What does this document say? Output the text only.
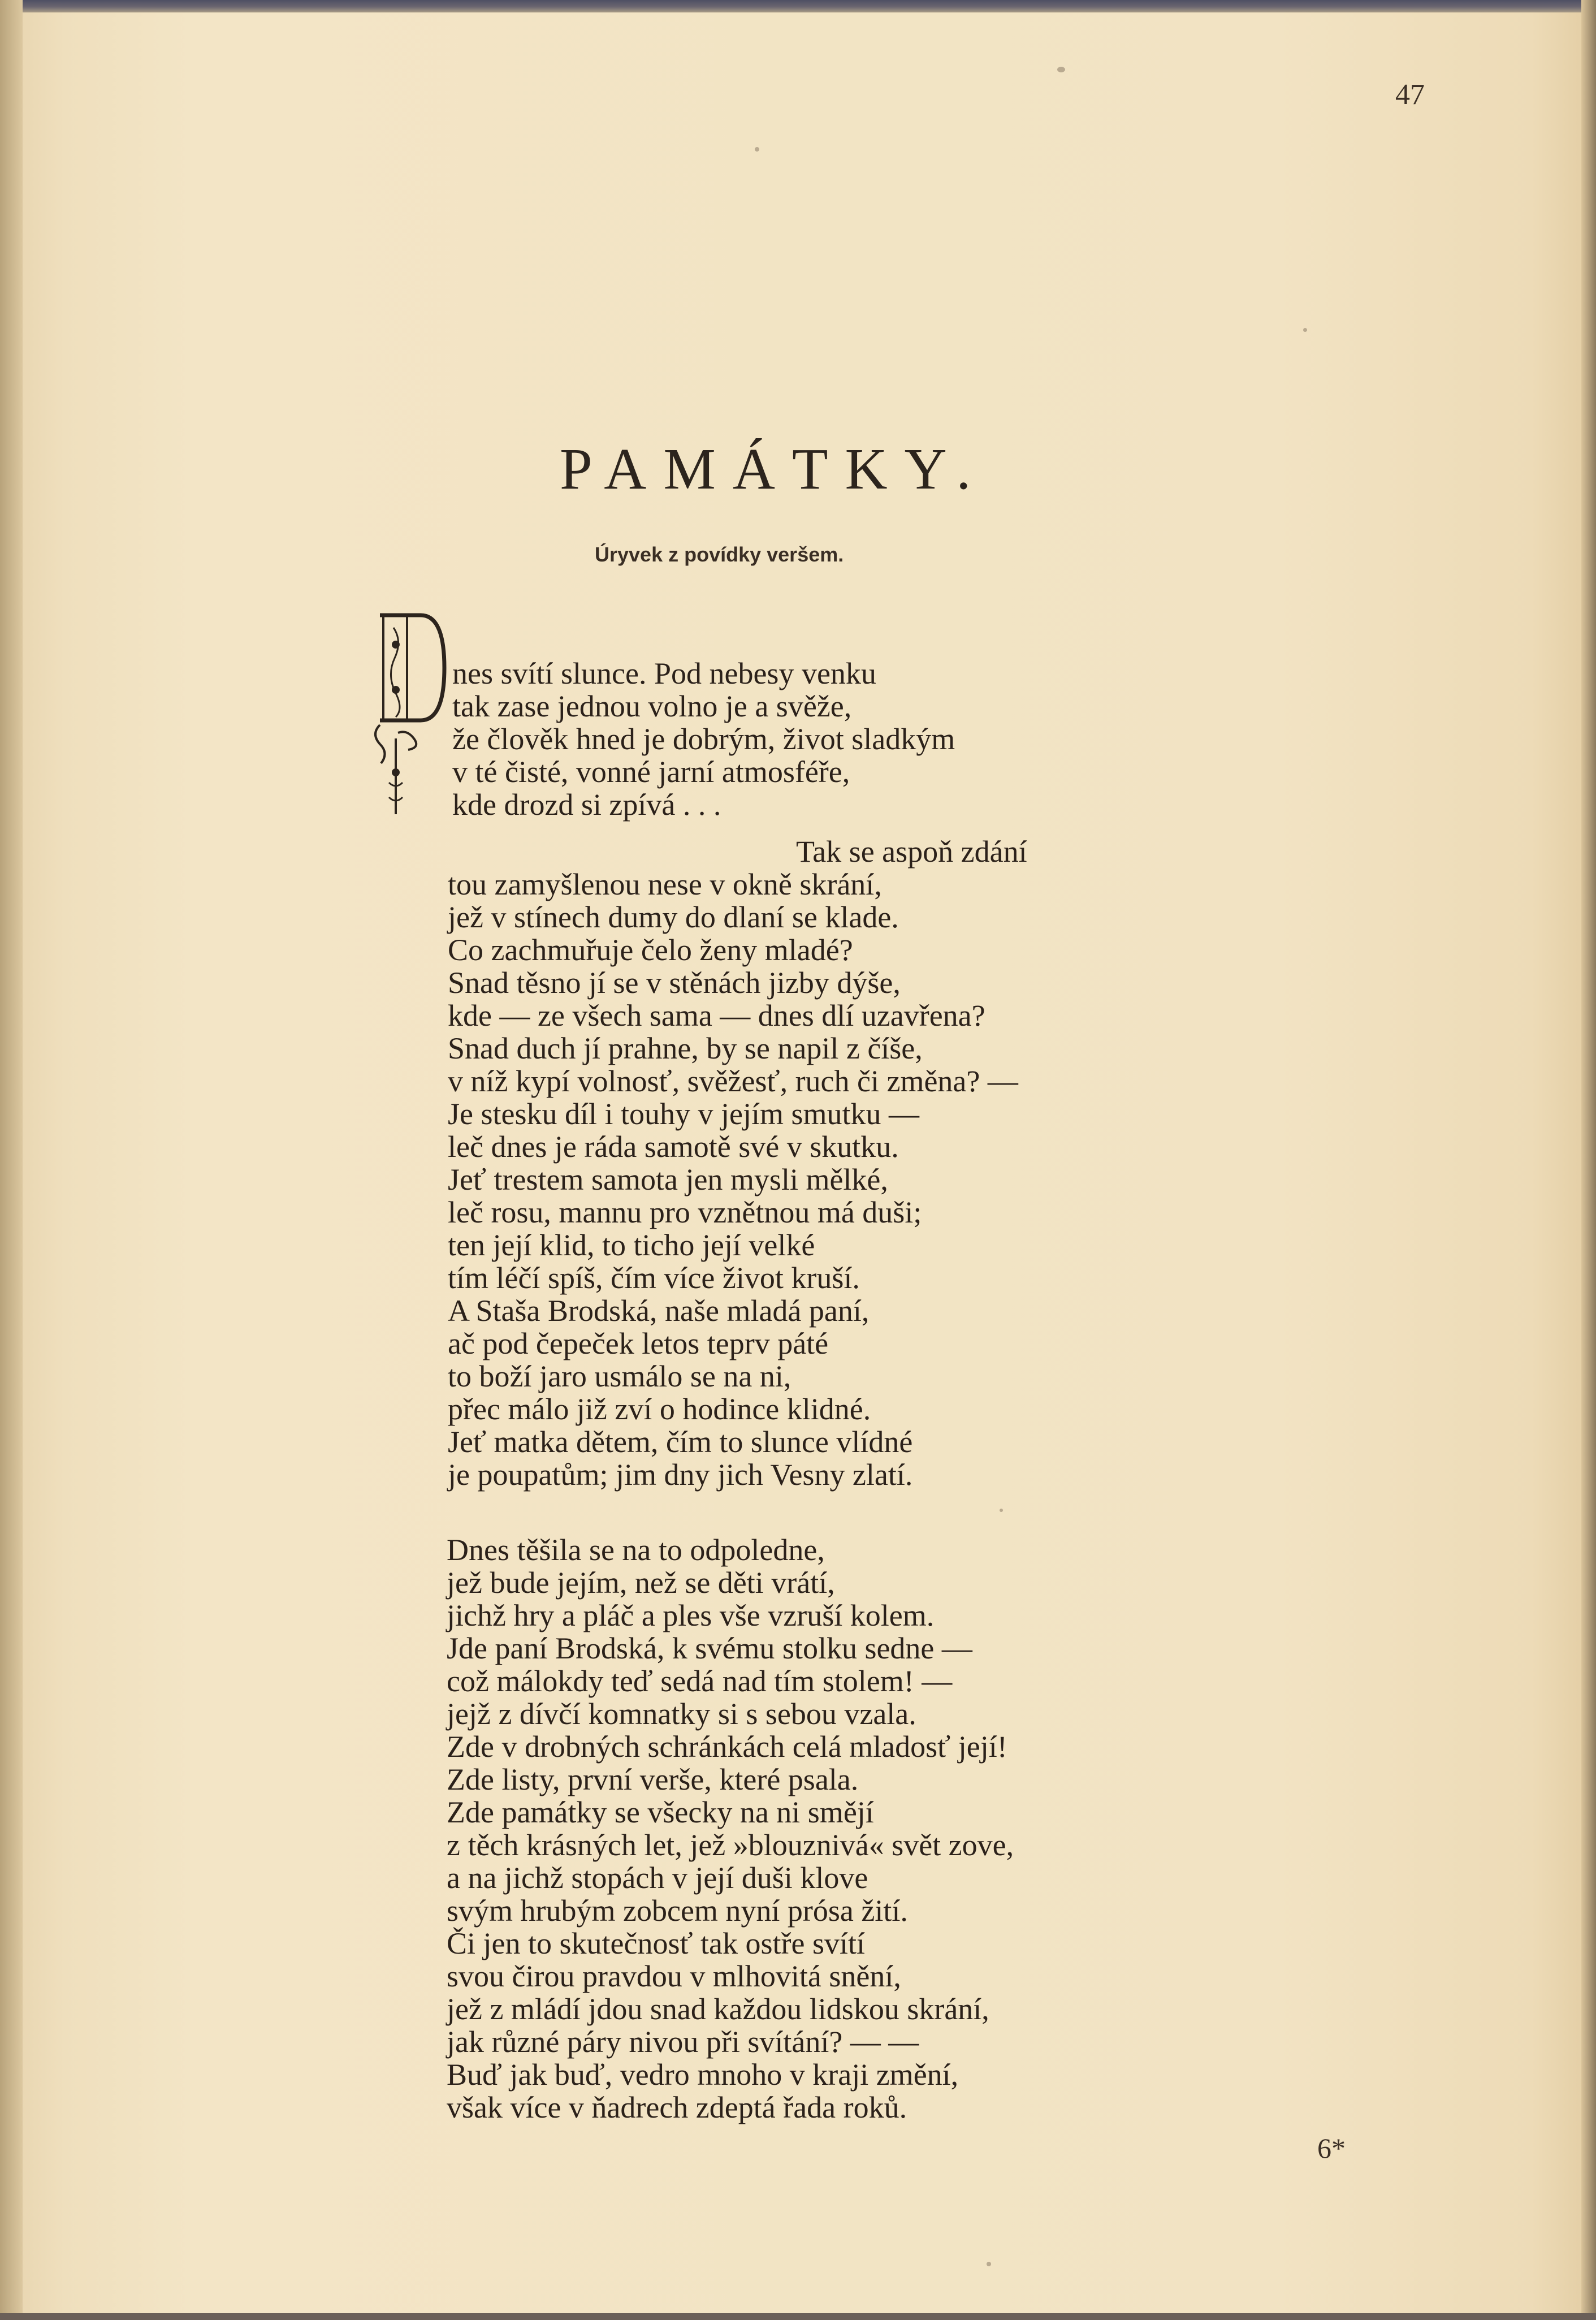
47
PAMÁTKY.
Úryvek z povídky veršem.
nes svítí slunce. Pod nebesy venku
tak zase jednou volno je a svěže,
že člověk hned je dobrým, život sladkým
v té čisté, vonné jarní atmosféře,
kde drozd si zpívá . . .
Tak se aspoň zdání
tou zamyšlenou nese v okně skrání,
jež v stínech dumy do dlaní se klade.
Co zachmuřuje čelo ženy mladé?
Snad těsno jí se v stěnách jizby dýše,
kde — ze všech sama — dnes dlí uzavřena?
Snad duch jí prahne, by se napil z číše,
v níž kypí volnosť, svěžesť, ruch či změna? —
Je stesku díl i touhy v jejím smutku —
leč dnes je ráda samotě své v skutku.
Jeť trestem samota jen mysli mělké,
leč rosu, mannu pro vznětnou má duši;
ten její klid, to ticho její velké
tím léčí spíš, čím více život kruší.
A Staša Brodská, naše mladá paní,
ač pod čepeček letos teprv páté
to boží jaro usmálo se na ni,
přec málo již zví o hodince klidné.
Jeť matka dětem, čím to slunce vlídné
je poupatům; jim dny jich Vesny zlatí.
Dnes těšila se na to odpoledne,
jež bude jejím, než se děti vrátí,
jichž hry a pláč a ples vše vzruší kolem.
Jde paní Brodská, k svému stolku sedne —
což málokdy teď sedá nad tím stolem! —
jejž z dívčí komnatky si s sebou vzala.
Zde v drobných schránkách celá mladosť její!
Zde listy, první verše, které psala.
Zde památky se všecky na ni smějí
z těch krásných let, jež »blouznivá« svět zove,
a na jichž stopách v její duši klove
svým hrubým zobcem nyní prósa žití.
Či jen to skutečnosť tak ostře svítí
svou čirou pravdou v mlhovitá snění,
jež z mládí jdou snad každou lidskou skrání,
jak různé páry nivou při svítání? — —
Buď jak buď, vedro mnoho v kraji změní,
však více v ňadrech zdeptá řada roků.
6*
